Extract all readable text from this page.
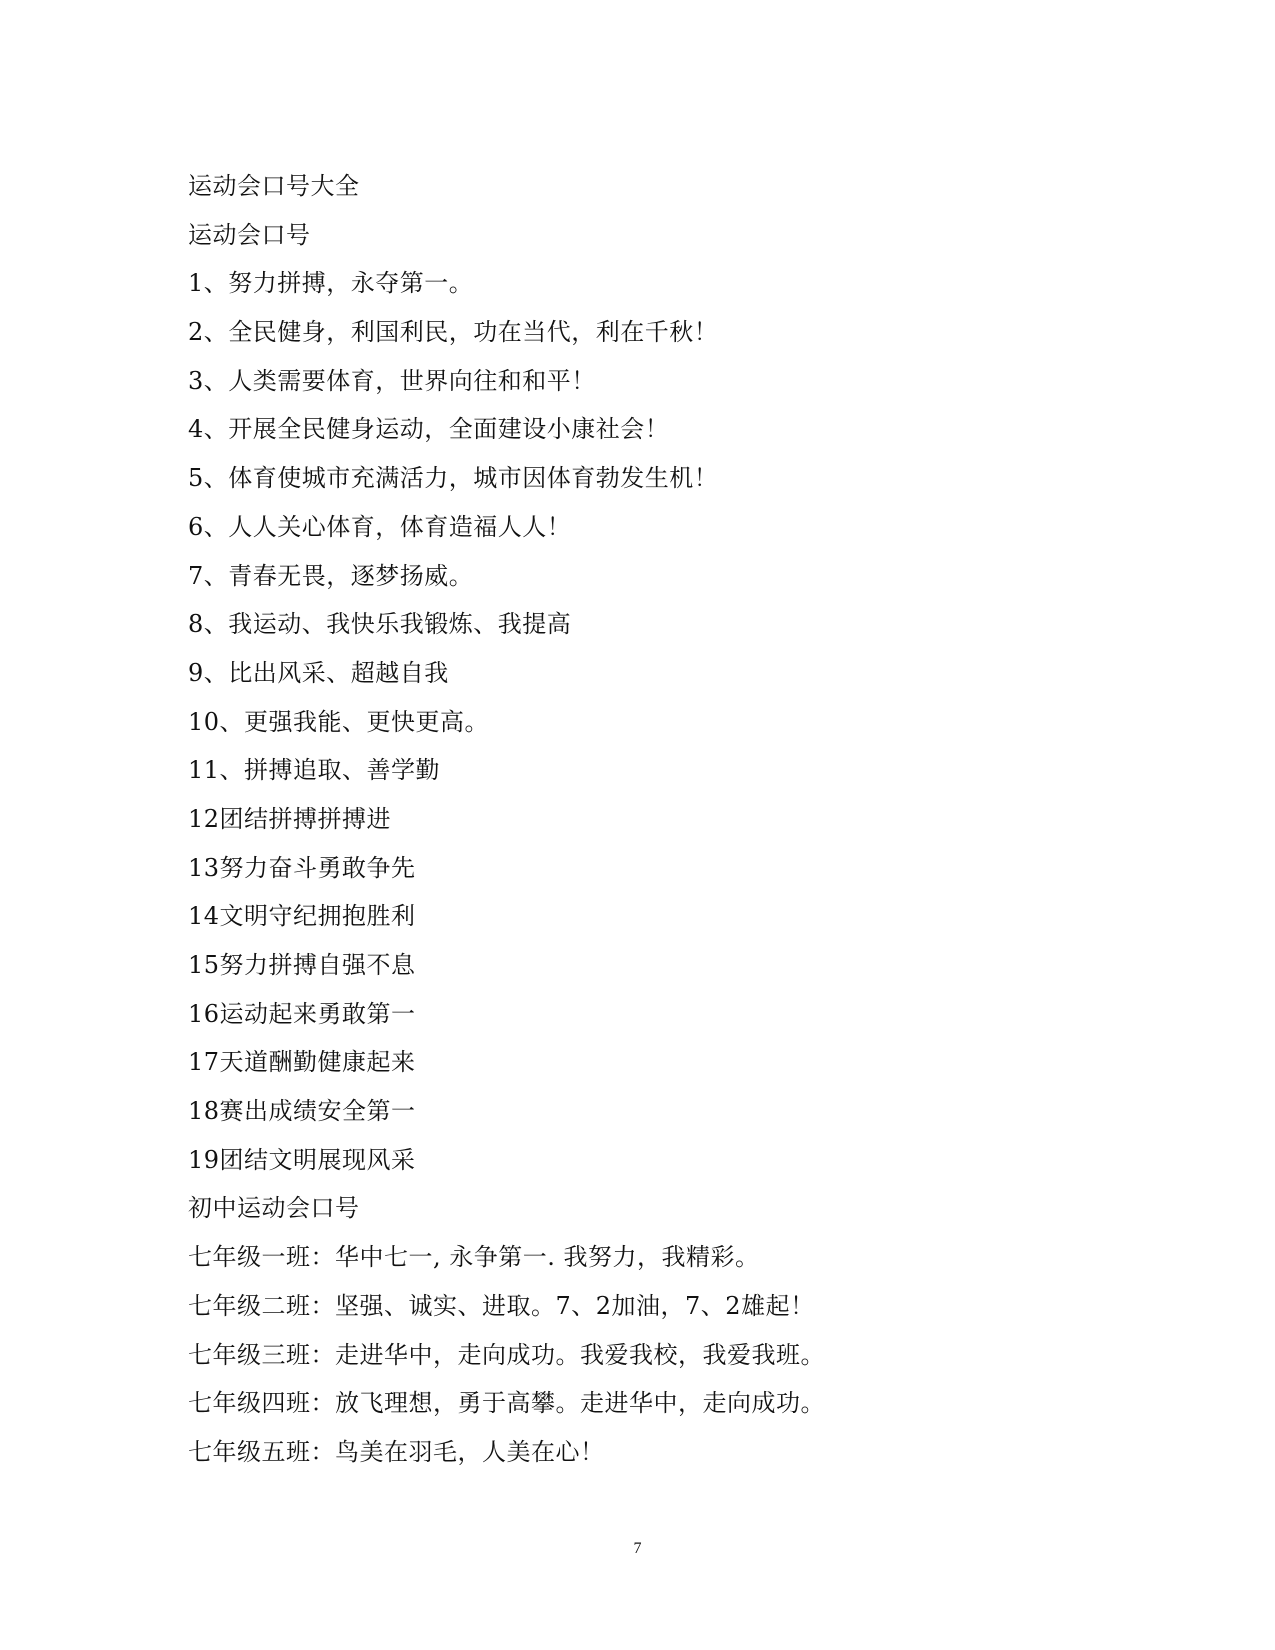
运动会口号大全
运动会口号
1、努力拼搏，永夺第一。
2、全民健身，利国利民，功在当代，利在千秋！
3、人类需要体育，世界向往和和平！
4、开展全民健身运动，全面建设小康社会！
5、体育使城市充满活力，城市因体育勃发生机！
6、人人关心体育，体育造福人人！
7、青春无畏，逐梦扬威。
8、我运动、我快乐我锻炼、我提高
9、比出风采、超越自我
10、更强我能、更快更高。
11、拼搏追取、善学勤
12团结拼搏拼搏进
13努力奋斗勇敢争先
14文明守纪拥抱胜利
15努力拼搏自强不息
16运动起来勇敢第一
17天道酬勤健康起来
18赛出成绩安全第一
19团结文明展现风采
初中运动会口号
七年级一班：华中七一, 永争第一. 我努力，我精彩。
七年级二班：坚强、诚实、进取。7、2加油，7、2雄起！
七年级三班：走进华中，走向成功。我爱我校，我爱我班。
七年级四班：放飞理想，勇于高攀。走进华中，走向成功。
七年级五班：鸟美在羽毛，人美在心！
7
